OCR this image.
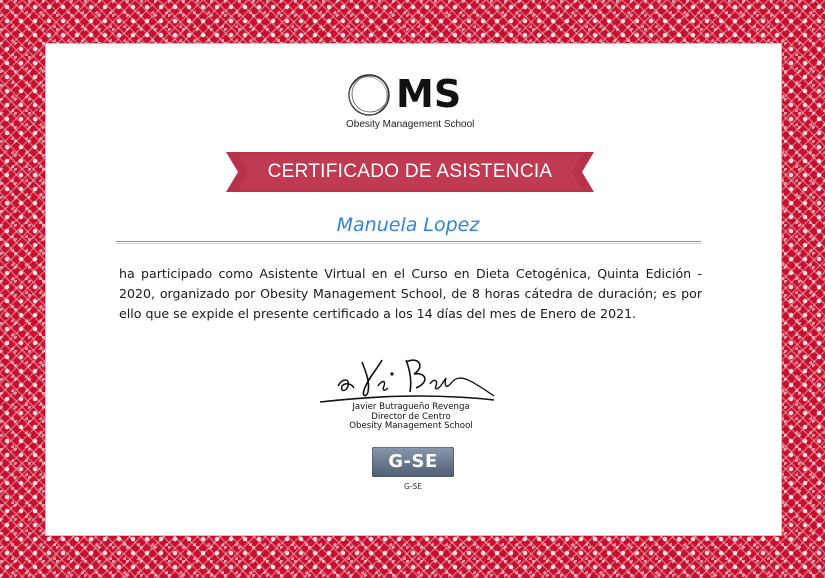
MS
Obesity Management School
CERTIFICADO DE ASISTENCIA
Manuela Lopez
ha participado como Asistente Virtual en el Curso en Dieta Cetogénica, Quinta Edición - 2020, organizado por Obesity Management School, de 8 horas cátedra de duración; es por ello que se expide el presente certificado a los 14 días del mes de Enero de 2021.
Javier Butragueño Revenga
Director de Centro
Obesity Management School
G-SE
G-SE
